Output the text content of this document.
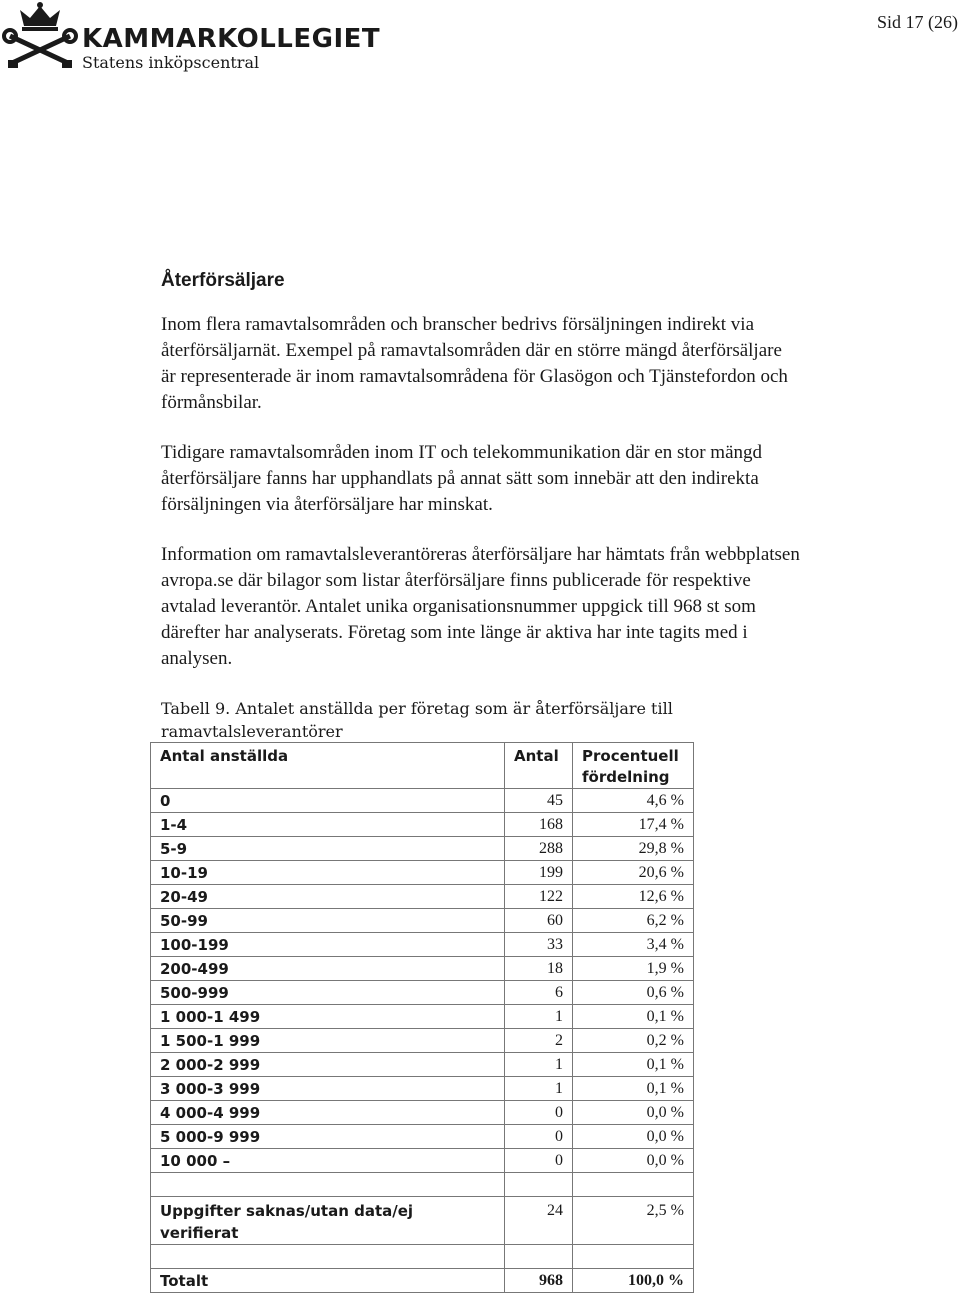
KAMMARKOLLEGIET
Statens inköpscentral
Sid 17 (26)
Återförsäljare

Inom flera ramavtalsområden och branscher bedrivs försäljningen indirekt via återförsäljarnät. Exempel på ramavtalsområden där en större mängd återförsäljare är representerade är inom ramavtalsområdena för Glasögon och Tjänstefordon och förmånsbilar.

Tidigare ramavtalsområden inom IT och telekommunikation där en stor mängd återförsäljare fanns har upphandlats på annat sätt som innebär att den indirekta försäljningen via återförsäljare har minskat.

Information om ramavtalsleverantöreras återförsäljare har hämtats från webbplatsen avropa.se där bilagor som listar återförsäljare finns publicerade för respektive avtalad leverantör. Antalet unika organisationsnummer uppgick till 968 st som därefter har analyserats. Företag som inte länge är aktiva har inte tagits med i analysen.

Tabell 9. Antalet anställda per företag som är återförsäljare till ramavtalsleverantörer
Antal anställda	Antal	Procentuell fördelning
0	45	4,6 %
1-4	168	17,4 %
5-9	288	29,8 %
10-19	199	20,6 %
20-49	122	12,6 %
50-99	60	6,2 %
100-199	33	3,4 %
200-499	18	1,9 %
500-999	6	0,6 %
1 000-1 499	1	0,1 %
1 500-1 999	2	0,2 %
2 000-2 999	1	0,1 %
3 000-3 999	1	0,1 %
4 000-4 999	0	0,0 %
5 000-9 999	0	0,0 %
10 000 –	0	0,0 %

Uppgifter saknas/utan data/ej verifierat	24	2,5 %

Totalt	968	100,0 %
